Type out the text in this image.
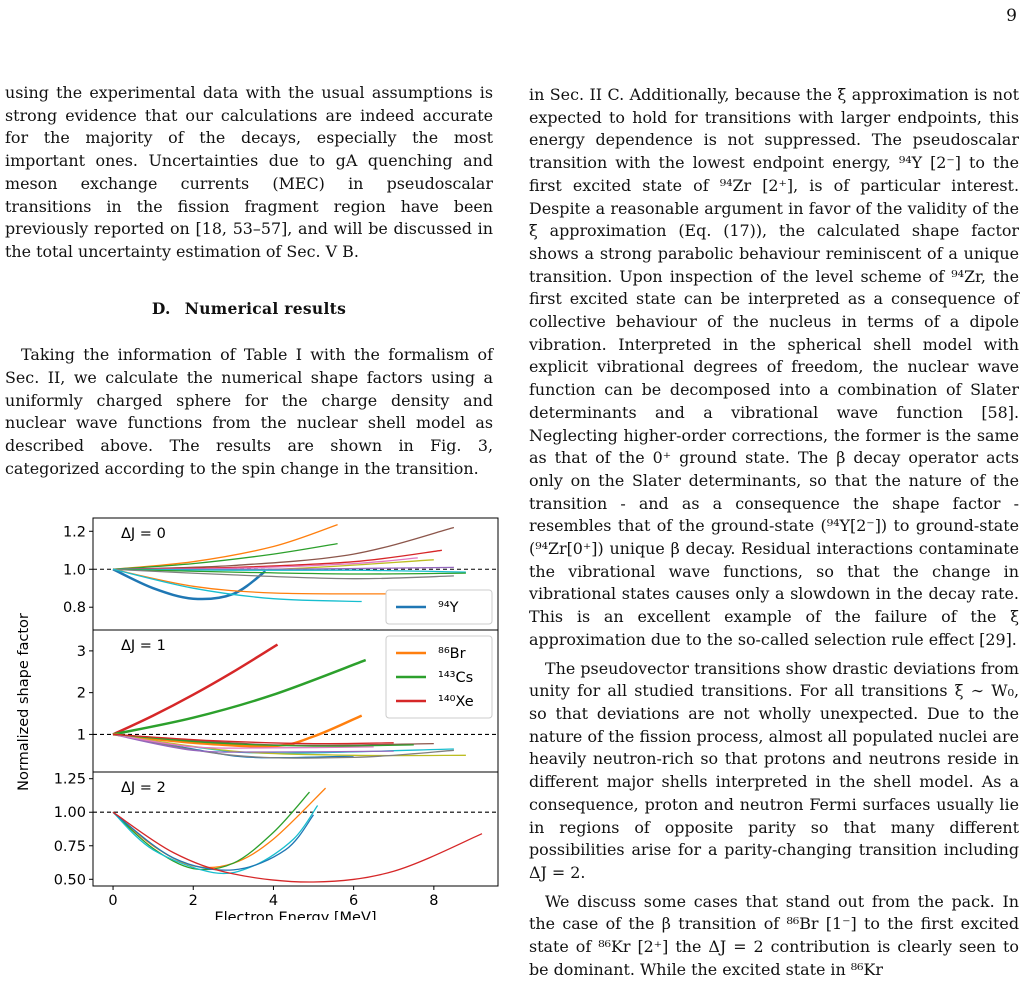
9

using the experimental data with the usual assumptions is strong evidence that our calculations are indeed accurate for the majority of the decays, especially the most important ones. Uncertainties due to gA quenching and meson exchange currents (MEC) in pseudoscalar transitions in the fission fragment region have been previously reported on [18, 53–57], and will be discussed in the total uncertainty estimation of Sec. V B.

D. Numerical results

Taking the information of Table I with the formalism of Sec. II, we calculate the numerical shape factors using a uniformly charged sphere for the charge density and nuclear wave functions from the nuclear shell model as described above. The results are shown in Fig. 3, categorized according to the spin change in the transition.

in Sec. II C. Additionally, because the ξ approximation is not expected to hold for transitions with larger endpoints, this energy dependence is not suppressed. The pseudoscalar transition with the lowest endpoint energy, ⁹⁴Y [2⁻] to the first excited state of ⁹⁴Zr [2⁺], is of particular interest. Despite a reasonable argument in favor of the validity of the ξ approximation (Eq. (17)), the calculated shape factor shows a strong parabolic behaviour reminiscent of a unique transition. Upon inspection of the level scheme of ⁹⁴Zr, the first excited state can be interpreted as a consequence of collective behaviour of the nucleus in terms of a dipole vibration. Interpreted in the spherical shell model with explicit vibrational degrees of freedom, the nuclear wave function can be decomposed into a combination of Slater determinants and a vibrational wave function [58]. Neglecting higher-order corrections, the former is the same as that of the 0⁺ ground state. The β decay operator acts only on the Slater determinants, so that the nature of the transition - and as a consequence the shape factor - resembles that of the ground-state (⁹⁴Y[2⁻]) to ground-state (⁹⁴Zr[0⁺]) unique β decay. Residual interactions contaminate the vibrational wave functions, so that the change in vibrational states causes only a slowdown in the decay rate. This is an excellent example of the failure of the ξ approximation due to the so-called selection rule effect [29].

The pseudovector transitions show drastic deviations from unity for all studied transitions. For all transitions ξ ∼ W₀, so that deviations are not wholly unexpected. Due to the nature of the fission process, almost all populated nuclei are heavily neutron-rich so that protons and neutrons reside in different major shells interpreted in the shell model. As a consequence, proton and neutron Fermi surfaces usually lie in regions of opposite parity so that many different possibilities arise for a parity-changing transition including ΔJ = 2.

We discuss some cases that stand out from the pack. In the case of the β transition of ⁸⁶Br [1⁻] to the first excited state of ⁸⁶Kr [2⁺] the ΔJ = 2 contribution is clearly seen to be dominant. While the excited state in ⁸⁶Kr

0.8
1.0
1.2 ΔJ = 0
⁹⁴Y
1
2
3 ΔJ = 1	⁸⁶Br
¹⁴³Cs
¹⁴⁰Xe
0.50
0.75
1.00
1.25
ΔJ = 2
0	2	4	6	8
Electron Energy [MeV]
Normalized shape factor
